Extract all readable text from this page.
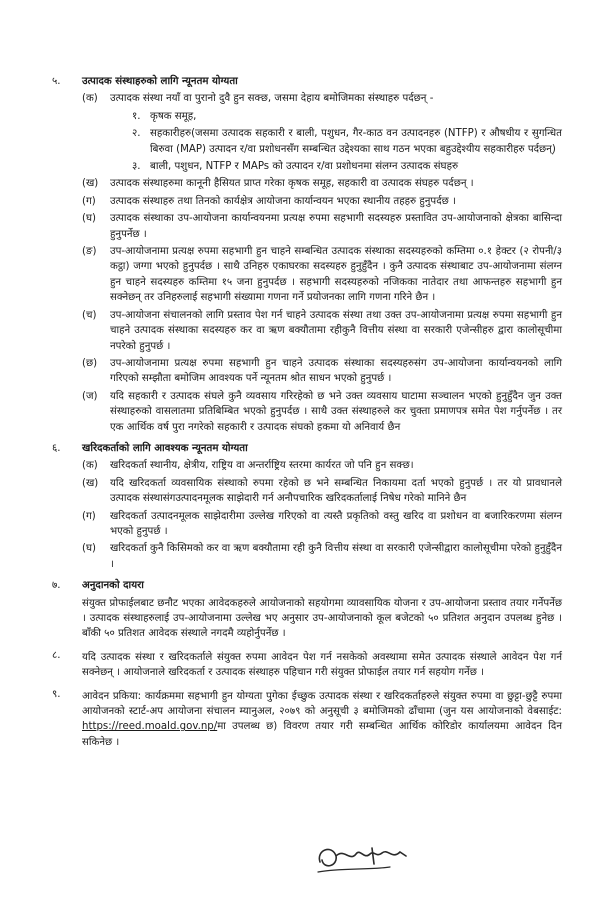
५.	उत्पादक संस्थाहरुको लागि न्यूनतम योग्यता
(क)	उत्पादक संस्था नयाँ वा पुरानो दुवै हुन सक्छ, जसमा देहाय बमोजिमका संस्थाहरु पर्दछन् -
१. कृषक समूह,
२. सहकारीहरु(जसमा उत्पादक सहकारी र बाली, पशुधन, गैर-काठ वन उत्पादनहरु (NTFP) र औषधीय र सुगन्धित बिरुवा (MAP) उत्पादन र/वा प्रशोधनसँग सम्बन्धित उद्देश्यका साथ गठन भएका बहुउद्देश्यीय सहकारीहरु पर्दछन्)
३. बाली, पशुधन, NTFP र MAPs को उत्पादन र/वा प्रशोधनमा संलग्न उत्पादक संघहरु
(ख)	उत्पादक संस्थाहरुमा कानूनी हैसियत प्राप्त गरेका कृषक समूह, सहकारी वा उत्पादक संघहरु पर्दछन् ।
(ग)	उत्पादक संस्थाहरु तथा तिनको कार्यक्षेत्र आयोजना कार्यान्वयन भएका स्थानीय तहहरु हुनुपर्दछ ।
(घ)	उत्पादक संस्थाका उप-आयोजना कार्यान्वयनमा प्रत्यक्ष रुपमा सहभागी सदस्यहरु प्रस्तावित उप-आयोजनाको क्षेत्रका बासिन्दा हुनुपर्नेछ ।
(ङ)	उप-आयोजनामा प्रत्यक्ष रुपमा सहभागी हुन चाहने सम्बन्धित उत्पादक संस्थाका सदस्यहरुको कम्तिमा ०.१ हेक्टर (२ रोपनी/३ कट्ठा) जग्गा भएको हुनुपर्दछ । साथै उनिहरु एकाघरका सदस्यहरु हुनुहुँदैन । कुनै उत्पादक संस्थाबाट उप-आयोजनामा संलग्न हुन चाहने सदस्यहरु कम्तिमा १५ जना हुनुपर्दछ । सहभागी सदस्यहरुको नजिकका नातेदार तथा आफन्तहरु सहभागी हुन सक्नेछन् तर उनिहरुलाई सहभागी संख्यामा गणना गर्ने प्रयोजनका लागि गणना गरिने छैन ।
(च)	उप-आयोजना संचालनको लागि प्रस्ताव पेश गर्न चाहने उत्पादक संस्था तथा उक्त उप-आयोजनामा प्रत्यक्ष रुपमा सहभागी हुन चाहने उत्पादक संस्थाका सदस्यहरु कर वा ऋण बक्यौतामा रहीकुनै वित्तीय संस्था वा सरकारी एजेन्सीहरु द्वारा कालोसूचीमा नपरेको हुनुपर्छ ।
(छ)	उप-आयोजनामा प्रत्यक्ष रुपमा सहभागी हुन चाहने उत्पादक संस्थाका सदस्यहरुसंग उप-आयोजना कार्यान्वयनको लागि गरिएको सम्झौता बमोजिम आवश्यक पर्ने न्यूनतम श्रोत साधन भएको हुनुपर्छ ।
(ज)	यदि सहकारी र उत्पादक संघले कुनै व्यवसाय गरिरहेको छ भने उक्त व्यवसाय घाटामा सञ्चालन भएको हुनुहुँदैन जुन उक्त संस्थाहरुको वासलातमा प्रतिबिम्बित भएको हुनुपर्दछ । साथै उक्त संस्थाहरुले कर चुक्ता प्रमाणपत्र समेत पेश गर्नुपर्नेछ । तर एक आर्थिक वर्ष पुरा नगरेको सहकारी र उत्पादक संघको हकमा यो अनिवार्य छैन
६.	खरिदकर्ताको लागि आवश्यक न्यूनतम योग्यता
(क)	खरिदकर्ता स्थानीय, क्षेत्रीय, राष्ट्रिय वा अन्तर्राष्ट्रिय स्तरमा कार्यरत जो पनि हुन सक्छ।
(ख)	यदि खरिदकर्ता व्यवसायिक संस्थाको रुपमा रहेको छ भने सम्बन्धित निकायमा दर्ता भएको हुनुपर्छ । तर यो प्रावधानले उत्पादक संस्थासंगउत्पादनमूलक साझेदारी गर्न अनौपचारिक खरिदकर्तालाई निषेध गरेको मानिने छैन
(ग)	खरिदकर्ता उत्पादनमूलक साझेदारीमा उल्लेख गरिएको वा त्यस्तै प्रकृतिको वस्तु खरिद वा प्रशोधन वा बजारिकरणमा संलग्न भएको हुनुपर्छ ।
(घ)	खरिदकर्ता कुनै किसिमको कर वा ऋण बक्यौतामा रही कुनै वित्तीय संस्था वा सरकारी एजेन्सीद्वारा कालोसूचीमा परेको हुनुहुँदैन ।
७.	अनुदानको दायरा
संयुक्त प्रोफाईलबाट छनौट भएका आवेदकहरुले आयोजनाको सहयोगमा व्यावसायिक योजना र उप-आयोजना प्रस्ताव तयार गर्नेपर्नेछ । उत्पादक संस्थाहरुलाई उप-आयोजनामा उल्लेख भए अनुसार उप-आयोजनाको कूल बजेटको ५० प्रतिशत अनुदान उपलब्ध हुनेछ । बाँकी ५० प्रतिशत आवेदक संस्थाले नगदमै व्यहोर्नुपर्नेछ ।
८.	यदि उत्पादक संस्था र खरिदकर्ताले संयुक्त रुपमा आवेदन पेश गर्न नसकेको अवस्थामा समेत उत्पादक संस्थाले आवेदन पेश गर्न सक्नेछन् । आयोजनाले खरिदकर्ता र उत्पादक संस्थाहरु पहिचान गरी संयुक्त प्रोफाईल तयार गर्न सहयोग गर्नेछ ।
९.	आवेदन प्रकिया: कार्यक्रममा सहभागी हुन योग्यता पुगेका ईच्छुक उत्पादक संस्था र खरिदकर्ताहरुले संयुक्त रुपमा वा छुट्टा-छुट्टै रुपमा आयोजनको स्टार्ट-अप आयोजना संचालन म्यानुअल, २०७९ को अनुसूची ३ बमोजिमको ढाँचामा (जुन यस आयोजनाको वेबसाईट: https://reed.moald.gov.np/मा उपलब्ध छ) विवरण तयार गरी सम्बन्धित आर्थिक कोरिडोर कार्यालयमा आवेदन दिन सकिनेछ ।
